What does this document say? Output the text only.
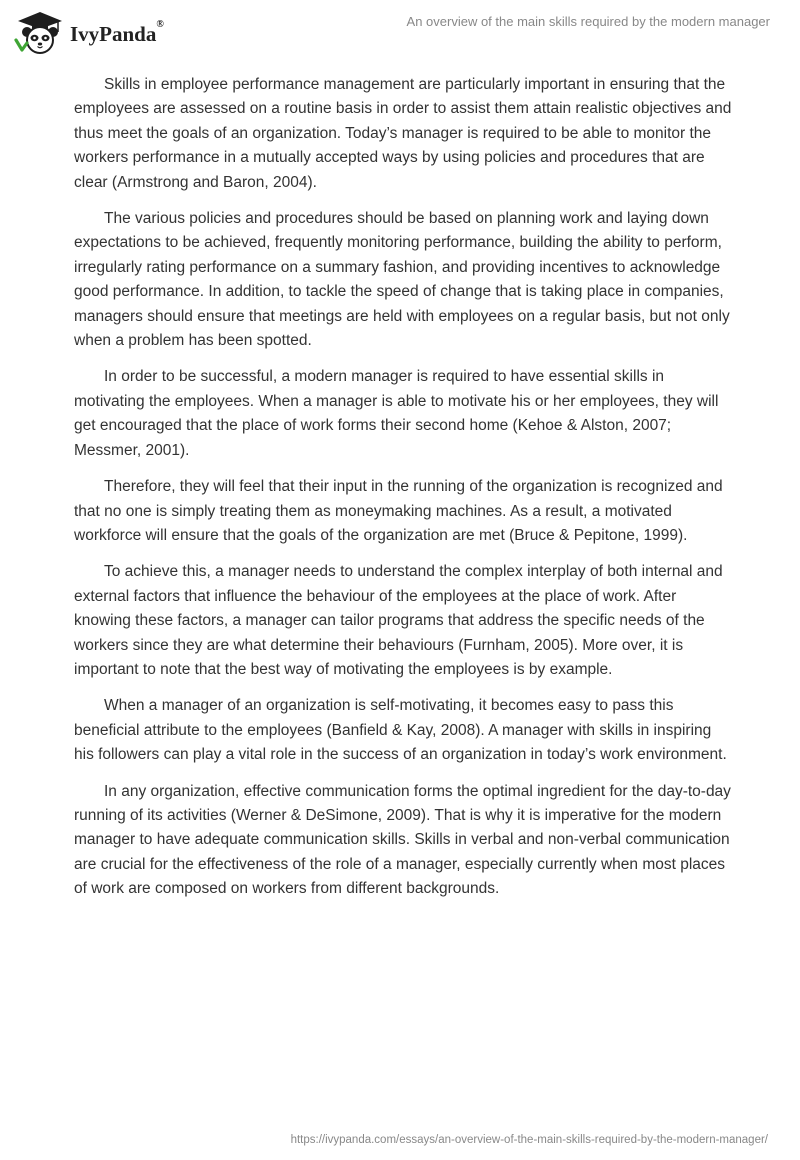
IvyPanda®	An overview of the main skills required by the modern manager

Skills in employee performance management are particularly important in ensuring that the employees are assessed on a routine basis in order to assist them attain realistic objectives and thus meet the goals of an organization. Today’s manager is required to be able to monitor the workers performance in a mutually accepted ways by using policies and procedures that are clear (Armstrong and Baron, 2004).

The various policies and procedures should be based on planning work and laying down expectations to be achieved, frequently monitoring performance, building the ability to perform, irregularly rating performance on a summary fashion, and providing incentives to acknowledge good performance. In addition, to tackle the speed of change that is taking place in companies, managers should ensure that meetings are held with employees on a regular basis, but not only when a problem has been spotted.

In order to be successful, a modern manager is required to have essential skills in motivating the employees. When a manager is able to motivate his or her employees, they will get encouraged that the place of work forms their second home (Kehoe & Alston, 2007; Messmer, 2001).

Therefore, they will feel that their input in the running of the organization is recognized and that no one is simply treating them as moneymaking machines. As a result, a motivated workforce will ensure that the goals of the organization are met (Bruce & Pepitone, 1999).

To achieve this, a manager needs to understand the complex interplay of both internal and external factors that influence the behaviour of the employees at the place of work. After knowing these factors, a manager can tailor programs that address the specific needs of the workers since they are what determine their behaviours (Furnham, 2005). More over, it is important to note that the best way of motivating the employees is by example.

When a manager of an organization is self-motivating, it becomes easy to pass this beneficial attribute to the employees (Banfield & Kay, 2008). A manager with skills in inspiring his followers can play a vital role in the success of an organization in today’s work environment.

In any organization, effective communication forms the optimal ingredient for the day-to-day running of its activities (Werner & DeSimone, 2009). That is why it is imperative for the modern manager to have adequate communication skills. Skills in verbal and non-verbal communication are crucial for the effectiveness of the role of a manager, especially currently when most places of work are composed on workers from different backgrounds.

https://ivypanda.com/essays/an-overview-of-the-main-skills-required-by-the-modern-manager/
